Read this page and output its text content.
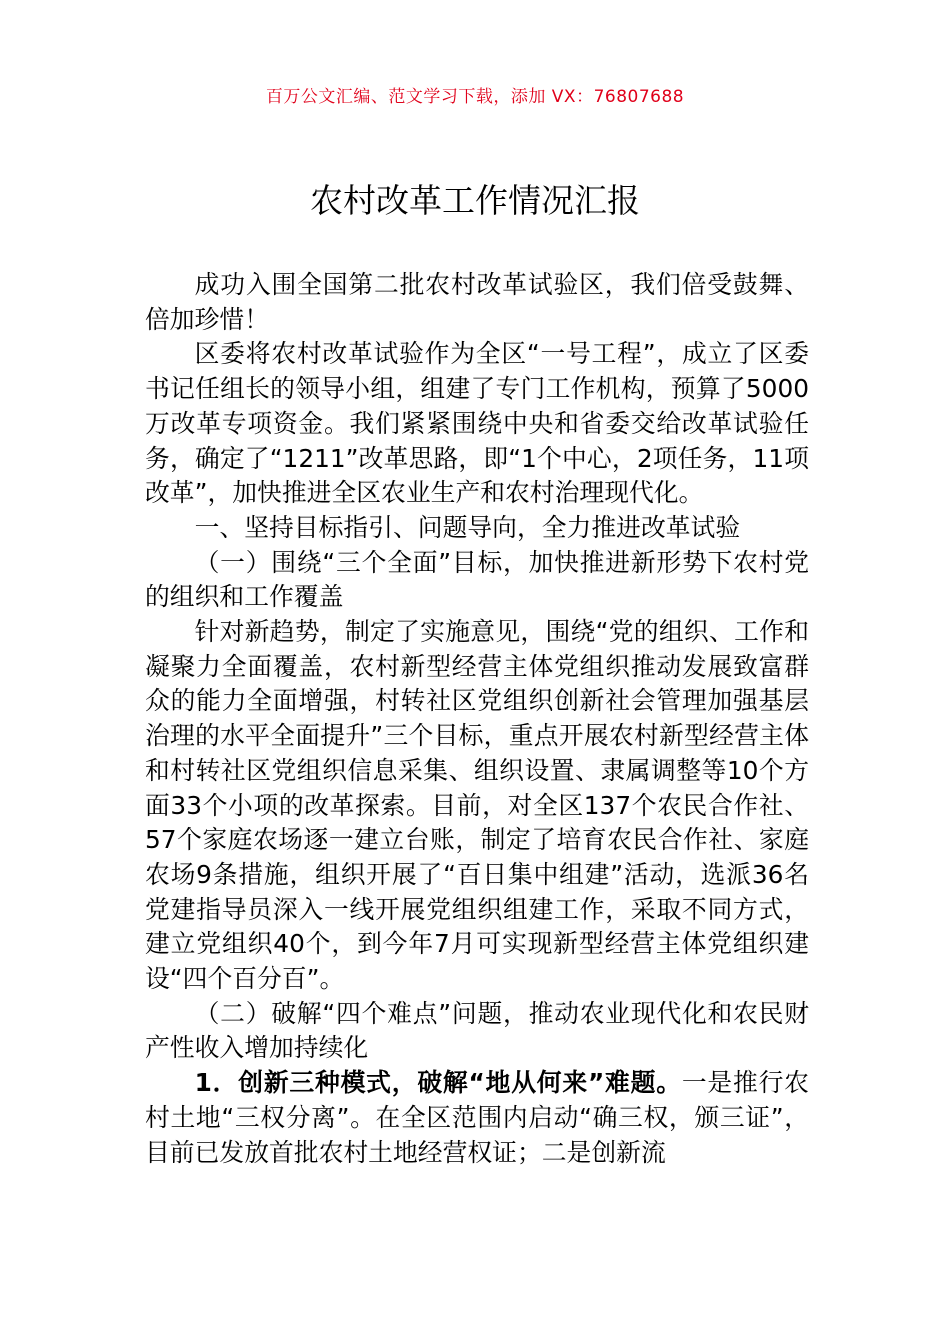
百万公文汇编、范文学习下载，添加 VX：76807688
农村改革工作情况汇报

成功入围全国第二批农村改革试验区，我们倍受鼓舞、倍加珍惜！

区委将农村改革试验作为全区“一号工程”，成立了区委书记任组长的领导小组，组建了专门工作机构，预算了5000万改革专项资金。我们紧紧围绕中央和省委交给改革试验任务，确定了“1211”改革思路，即“1个中心，2项任务，11项改革”，加快推进全区农业生产和农村治理现代化。

一、坚持目标指引、问题导向，全力推进改革试验

（一）围绕“三个全面”目标，加快推进新形势下农村党的组织和工作覆盖

针对新趋势，制定了实施意见，围绕“党的组织、工作和凝聚力全面覆盖，农村新型经营主体党组织推动发展致富群众的能力全面增强，村转社区党组织创新社会管理加强基层治理的水平全面提升”三个目标，重点开展农村新型经营主体和村转社区党组织信息采集、组织设置、隶属调整等10个方面33个小项的改革探索。目前，对全区137个农民合作社、57个家庭农场逐一建立台账，制定了培育农民合作社、家庭农场9条措施，组织开展了“百日集中组建”活动，选派36名党建指导员深入一线开展党组织组建工作，采取不同方式，建立党组织40个，到今年7月可实现新型经营主体党组织建设“四个百分百”。

（二）破解“四个难点”问题，推动农业现代化和农民财产性收入增加持续化

1．创新三种模式，破解“地从何来”难题。一是推行农村土地“三权分离”。在全区范围内启动“确三权，颁三证”，目前已发放首批农村土地经营权证；二是创新流
